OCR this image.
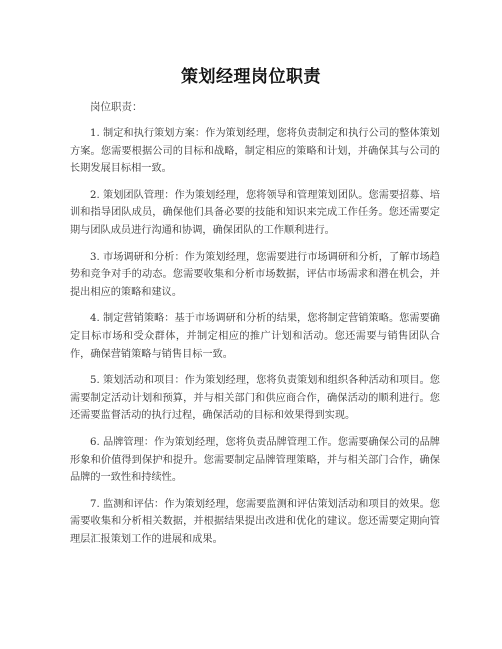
策划经理岗位职责
岗位职责：

1. 制定和执行策划方案：作为策划经理，您将负责制定和执行公司的整体策划方案。您需要根据公司的目标和战略，制定相应的策略和计划，并确保其与公司的长期发展目标相一致。

2. 策划团队管理：作为策划经理，您将领导和管理策划团队。您需要招募、培训和指导团队成员，确保他们具备必要的技能和知识来完成工作任务。您还需要定期与团队成员进行沟通和协调，确保团队的工作顺利进行。

3. 市场调研和分析：作为策划经理，您需要进行市场调研和分析，了解市场趋势和竞争对手的动态。您需要收集和分析市场数据，评估市场需求和潜在机会，并提出相应的策略和建议。

4. 制定营销策略：基于市场调研和分析的结果，您将制定营销策略。您需要确定目标市场和受众群体，并制定相应的推广计划和活动。您还需要与销售团队合作，确保营销策略与销售目标一致。

5. 策划活动和项目：作为策划经理，您将负责策划和组织各种活动和项目。您需要制定活动计划和预算，并与相关部门和供应商合作，确保活动的顺利进行。您还需要监督活动的执行过程，确保活动的目标和效果得到实现。

6. 品牌管理：作为策划经理，您将负责品牌管理工作。您需要确保公司的品牌形象和价值得到保护和提升。您需要制定品牌管理策略，并与相关部门合作，确保品牌的一致性和持续性。

7. 监测和评估：作为策划经理，您需要监测和评估策划活动和项目的效果。您需要收集和分析相关数据，并根据结果提出改进和优化的建议。您还需要定期向管理层汇报策划工作的进展和成果。
